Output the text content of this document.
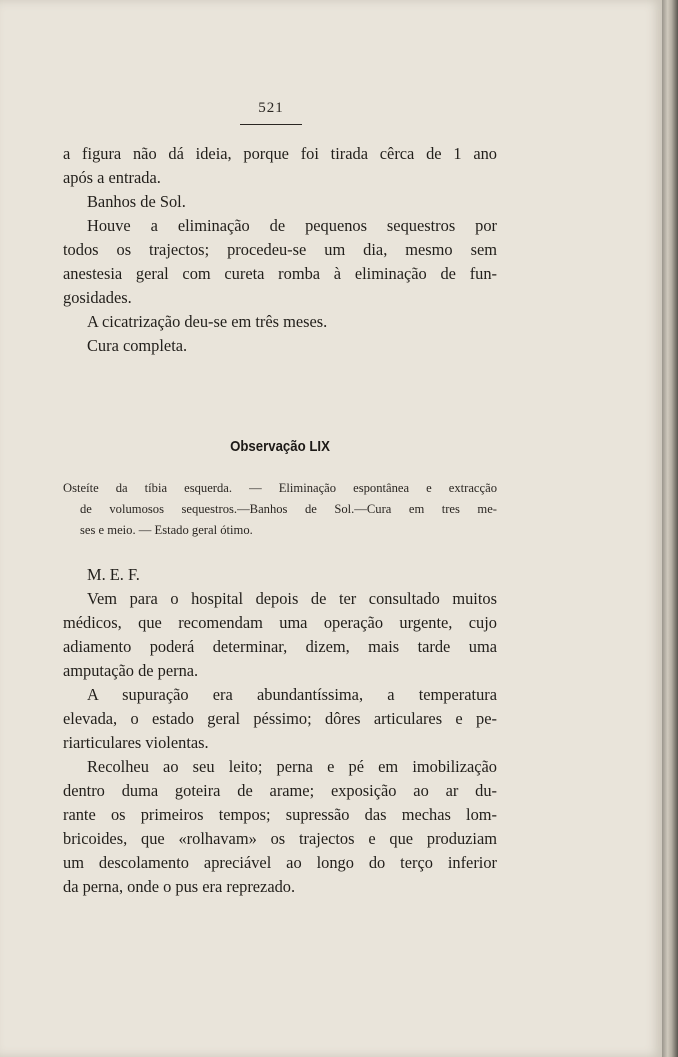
521
a figura não dá ideia, porque foi tirada cêrca de 1 ano
após a entrada.
Banhos de Sol.
Houve a eliminação de pequenos sequestros por
todos os trajectos; procedeu-se um dia, mesmo sem
anestesia geral com cureta romba à eliminação de fun-
gosidades.
A cicatrização deu-se em três meses.
Cura completa.
Observação LIX
Osteíte da tíbia esquerda. — Eliminação espontânea e extracção
de volumosos sequestros.—Banhos de Sol.—Cura em tres me-
ses e meio. — Estado geral ótimo.
M. E. F.
Vem para o hospital depois de ter consultado muitos
médicos, que recomendam uma operação urgente, cujo
adiamento poderá determinar, dizem, mais tarde uma
amputação de perna.
A supuração era abundantíssima, a temperatura
elevada, o estado geral péssimo; dôres articulares e pe-
riarticulares violentas.
Recolheu ao seu leito; perna e pé em imobilização
dentro duma goteira de arame; exposição ao ar du-
rante os primeiros tempos; supressão das mechas lom-
bricoides, que «rolhavam» os trajectos e que produziam
um descolamento apreciável ao longo do terço inferior
da perna, onde o pus era reprezado.
